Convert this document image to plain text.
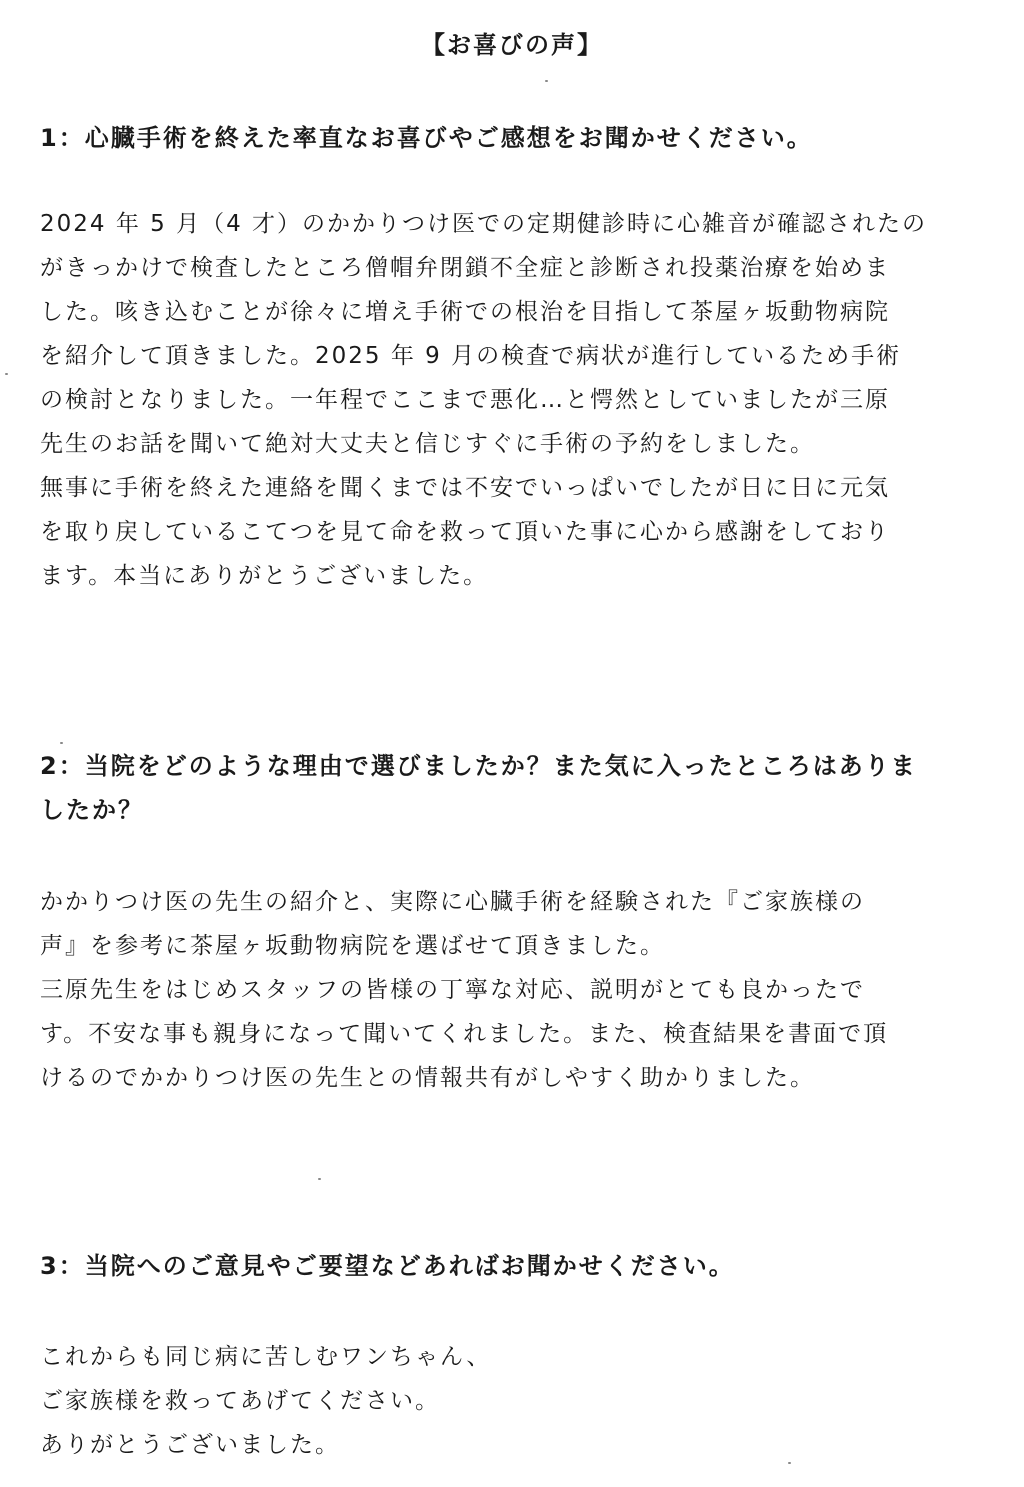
【お喜びの声】
1：心臓手術を終えた率直なお喜びやご感想をお聞かせください。
2024 年 5 月（4 才）のかかりつけ医での定期健診時に心雑音が確認されたの
がきっかけで検査したところ僧帽弁閉鎖不全症と診断され投薬治療を始めま
した。咳き込むことが徐々に増え手術での根治を目指して茶屋ヶ坂動物病院
を紹介して頂きました。2025 年 9 月の検査で病状が進行しているため手術
の検討となりました。一年程でここまで悪化…と愕然としていましたが三原
先生のお話を聞いて絶対大丈夫と信じすぐに手術の予約をしました。
無事に手術を終えた連絡を聞くまでは不安でいっぱいでしたが日に日に元気
を取り戻しているこてつを見て命を救って頂いた事に心から感謝をしており
ます。本当にありがとうございました。
2：当院をどのような理由で選びましたか？また気に入ったところはありま
したか？
かかりつけ医の先生の紹介と、実際に心臓手術を経験された『ご家族様の
声』を参考に茶屋ヶ坂動物病院を選ばせて頂きました。
三原先生をはじめスタッフの皆様の丁寧な対応、説明がとても良かったで
す。不安な事も親身になって聞いてくれました。また、検査結果を書面で頂
けるのでかかりつけ医の先生との情報共有がしやすく助かりました。
3：当院へのご意見やご要望などあればお聞かせください。
これからも同じ病に苦しむワンちゃん、
ご家族様を救ってあげてください。
ありがとうございました。
